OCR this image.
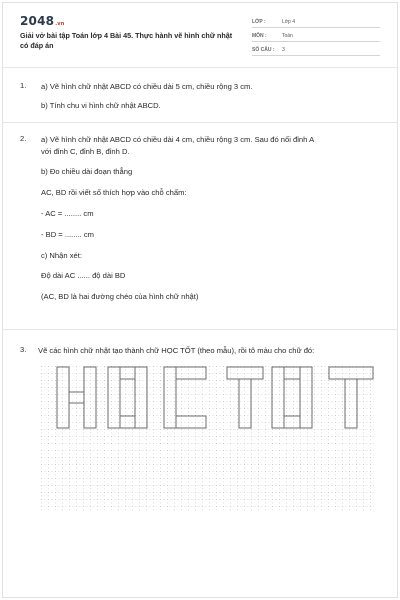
2048.vn
Giải vở bài tập Toán lớp 4 Bài 45. Thực hành vẽ hình chữ nhật có đáp án
LỚP :	Lớp 4
MÔN :	Toán
SỐ CÂU : 3
1. a) Vẽ hình chữ nhật ABCD có chiều dài 5 cm, chiều rộng 3 cm.
b) Tính chu vi hình chữ nhật ABCD.
2. a) Vẽ hình chữ nhật ABCD có chiều dài 4 cm, chiều rộng 3 cm. Sau đó nối đỉnh A
với đỉnh C, đỉnh B, đỉnh D.
b) Đo chiều dài đoạn thẳng
AC, BD rồi viết số thích hợp vào chỗ chấm:
- AC = ........ cm
- BD = ........ cm
c) Nhận xét:
Độ dài AC ...... độ dài BD
(AC, BD là hai đường chéo của hình chữ nhật)
3. Vẽ các hình chữ nhật tạo thành chữ HỌC TỐT (theo mẫu), rồi tô màu cho chữ đó:
